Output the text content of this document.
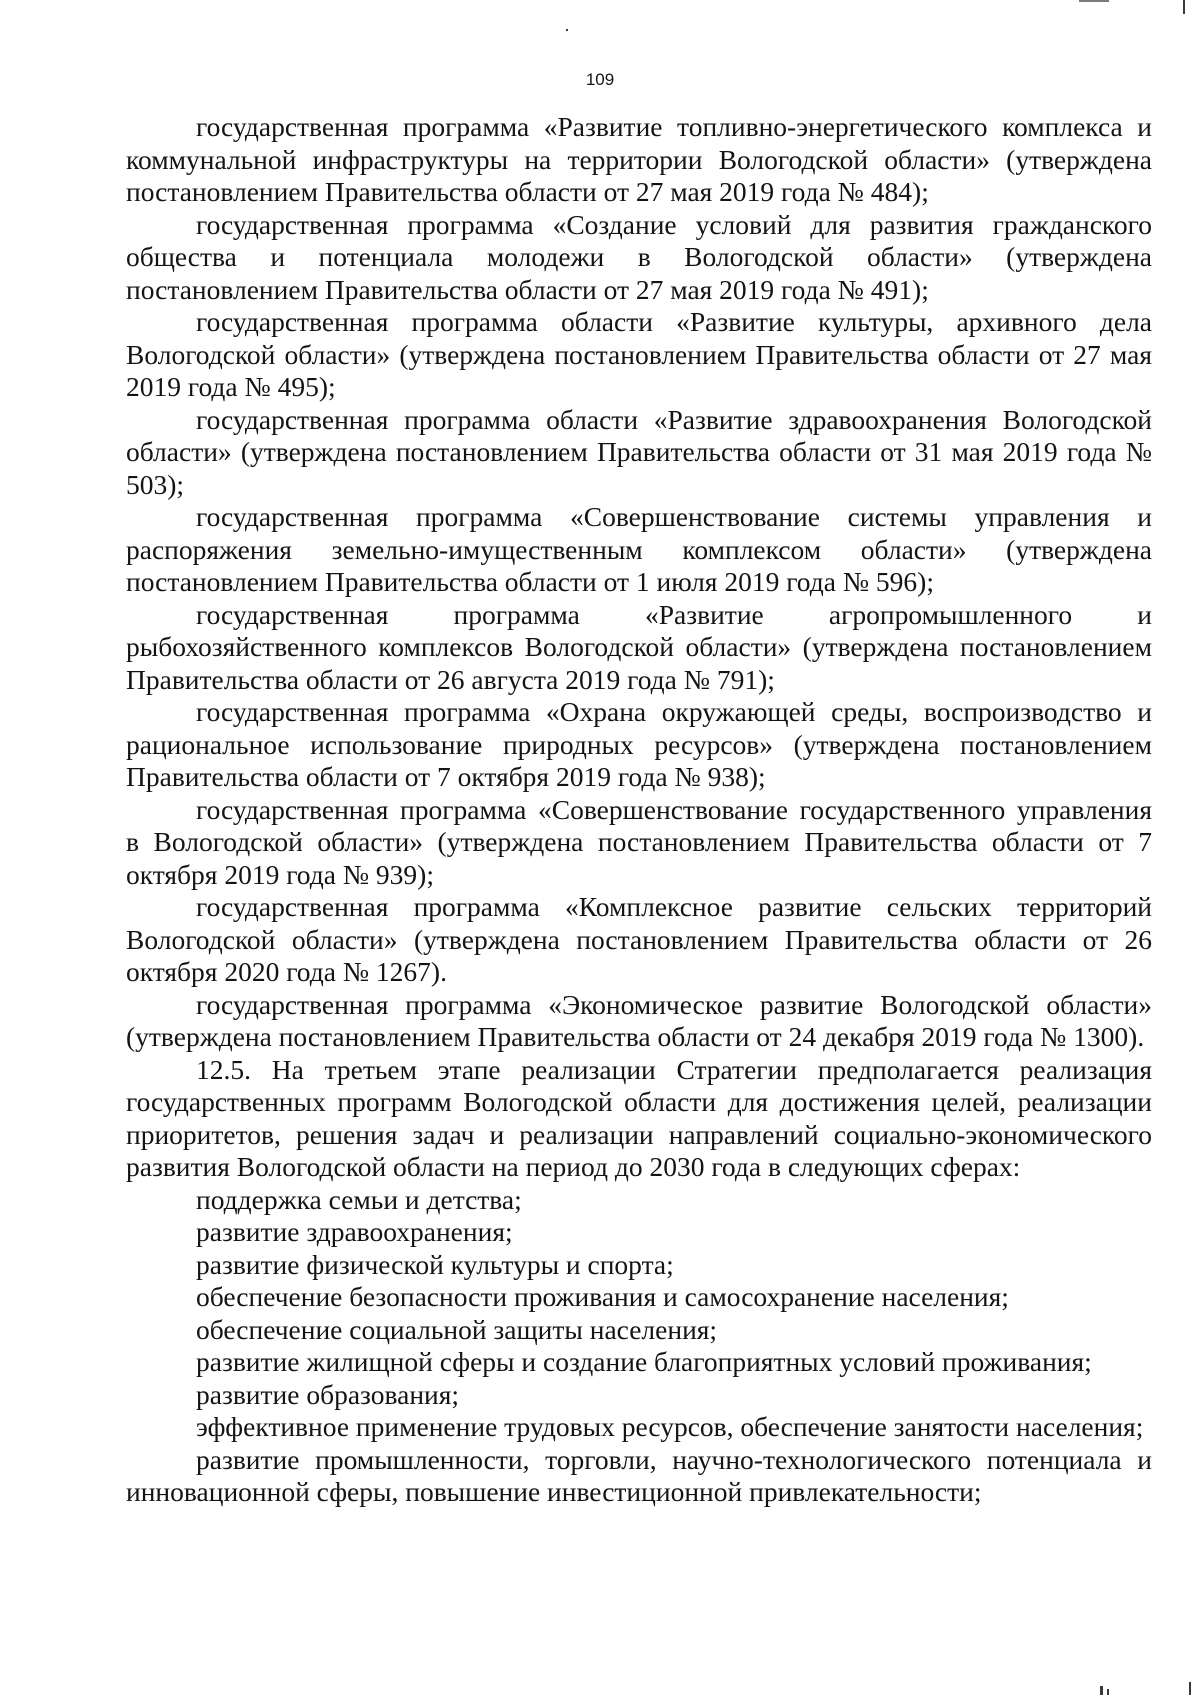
109

государственная программа «Развитие топливно-энергетического комплекса и коммунальной инфраструктуры на территории Вологодской области» (утверждена постановлением Правительства области от 27 мая 2019 года № 484);

государственная программа «Создание условий для развития гражданского общества и потенциала молодежи в Вологодской области» (утверждена постановлением Правительства области от 27 мая 2019 года № 491);

государственная программа области «Развитие культуры, архивного дела Вологодской области» (утверждена постановлением Правительства области от 27 мая 2019 года № 495);

государственная программа области «Развитие здравоохранения Вологодской области» (утверждена постановлением Правительства области от 31 мая 2019 года № 503);

государственная программа «Совершенствование системы управления и распоряжения земельно-имущественным комплексом области» (утверждена постановлением Правительства области от 1 июля 2019 года № 596);

государственная программа «Развитие агропромышленного и рыбохозяйственного комплексов Вологодской области» (утверждена постановлением Правительства области от 26 августа 2019 года № 791);

государственная программа «Охрана окружающей среды, воспроизводство и рациональное использование природных ресурсов» (утверждена постановлением Правительства области от 7 октября 2019 года № 938);

государственная программа «Совершенствование государственного управления в Вологодской области» (утверждена постановлением Правительства области от 7 октября 2019 года № 939);

государственная программа «Комплексное развитие сельских территорий Вологодской области» (утверждена постановлением Правительства области от 26 октября 2020 года № 1267).

государственная программа «Экономическое развитие Вологодской области» (утверждена постановлением Правительства области от 24 декабря 2019 года № 1300).

12.5. На третьем этапе реализации Стратегии предполагается реализация государственных программ Вологодской области для достижения целей, реализации приоритетов, решения задач и реализации направлений социально-экономического развития Вологодской области на период до 2030 года в следующих сферах:

поддержка семьи и детства;

развитие здравоохранения;

развитие физической культуры и спорта;

обеспечение безопасности проживания и самосохранение населения;

обеспечение социальной защиты населения;

развитие жилищной сферы и создание благоприятных условий проживания;

развитие образования;

эффективное применение трудовых ресурсов, обеспечение занятости населения;

развитие промышленности, торговли, научно-технологического потенциала и инновационной сферы, повышение инвестиционной привлекательности;
